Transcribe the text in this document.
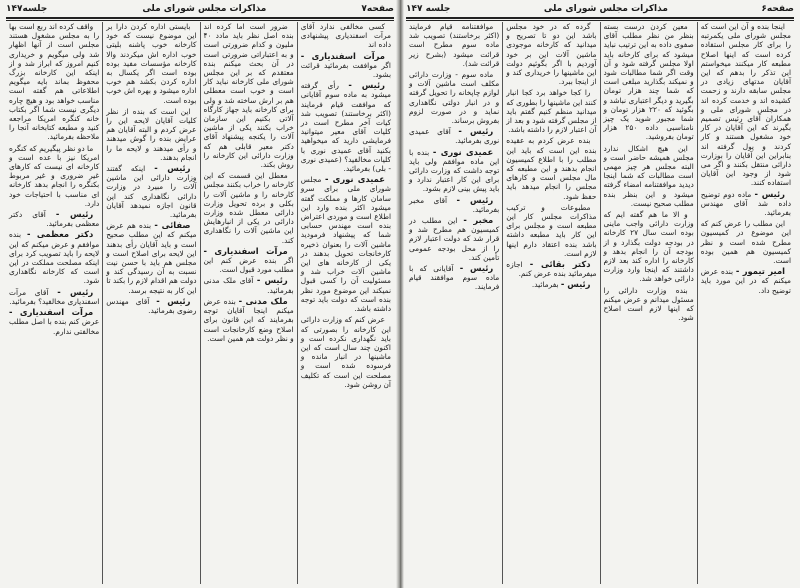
صفحه۷
مذاکرات مجلس شورای ملی
جلسه۱۴۷

کسی مخالفی ندارد آقای مرآت اسفندیاری پیشنهادی داده اند

مرآت اسفندیاری - اگر موافقت بفرمائید قرائت بشود.

رئیس - رأی گرفته میشود به ماده سوم آقایانی که موافقت قیام فرمایند (اکثر برخاستند) تصویب شد کیات آخر مطرح است در کلیات آقای معیر میتوانید فرمایشی دارید که میخواهید بکنید آقای عمیدی نوری با کلیات مخالفید؟ (عمیدی نوری - بلی) بفرمائید.

عمیدی نوری - مجلس شورای ملی برای سرو سامان کارها و مملکت گفته میشود اکثر بنده وارد این اطلاع است و موردی اعتراض بنده است مهندس حسابی شما که پیشنهاد فرمودید ماشین آلات را بعنوان ذخیره کارخانجات تحویل بدهند در یکی از کارخانه های این ماشین آلات خراب شد و مسئولیت آن را کسی قبول نمیکند این موضوع مورد نظر بنده است که دولت باید توجه داشته باشد.

عرض کنم که وزارت دارائی این کارخانه را بصورتی که باید نگهداری نکرده است و اکنون چند سال است که این ماشینها در انبار مانده و فرسوده شده است و مصلحت این است که تکلیف آن روشن شود.

ضرور است اما کرده اند بنده اصل نظر باید مادد ۴۰ ملیون و کدام ضرورتی است و به اعتباراتی ضرورتی است در آن بحث میکنم بنده معتقدم که بر این مجلس شورای ملی کارخانه نباید کار است و خوب است معطلی هم بر ارش ساخته شد و ولی برای کارخانه باید جهاز کارگاه آلاتی بکنیم این سازمان خراب بکنند یکی از ماشین آلات را یکنجه پیشنهاد آقای دکتر معیر قابلی هم که وزارت دارائی این کارخانه را روش بکند.

معطل این قسمت که این کارخانه را خراب بکنند مجلس کارخانه را و ماشین آلات را بکلی و برده تحویل وزارت دارائی معطل شده وزارت دارائی در یکی از انبارهایش این ماشین آلات را نگاهداری کند.

مرآت اسفندیاری - اگر بنده عرض کنم این مطلب مورد قبول است.

رئیس - آقای ملک مدنی بفرمائید.

ملک مدنی - بنده عرض میکنم اینجا آقایان توجه بفرمایند که این قانون برای اصلاح وضع کارخانجات است و نظر دولت هم همین است.

بایستی اداره کردن دارا بر این موضوع نیست که خود کارخانه خوب پاشنه بلیتی خوب اداره اش میکردند والا کارخانه مؤسسات مفید بوده بوده است اگر یکسال به اداره کردن بکشد هم خوب اداره میشود و بهره اش خوب بوده است.

این است که بنده از نظر کلیات آقایان لایحه این را عرض کردم و البته آقایان هم عرایض بنده را گوش میدهند و رأی میدهند و لایحه ما را انجام بدهند.

رئیس - اینکه گفتند وزارت دارائی این ماشین آلات را مبیرد در وزارت دارائی نگاهداری کند این قانون اجازه نمیدهد آقایان بفرمائید.

صفائی - بنده هم عرض میکنم که این مطلب صحیح است و باید آقایان رأی بدهند این لایحه برای اصلاح است و مجلس هم باید با حسن نیت نسبت به آن رسیدگی کند و دولت هم اقدام لازم را بکند تا این کار به نتیجه برسد.

رئیس - آقای مهندس رضوی بفرمائید.

واقف کرده اند ربع است بها را به مجلس مشغول هستند مجلس است از آنها اظهار شد ولی میگویم و خریداری کنیم امروز که ابراز شد و از اینکه این کارخانه بزرگ محفوظ بماند بایه میگویم اطلاعاتی هم گفته است مناسب خواهد بود و هیچ چاره دیگری نیست شما اگر بکتاب خانه کنگره امریکا مراجعه کنید و مطبعه کتابخانه آنجا را ملاحظه بفرمائید.

ما دو نظر پیگیریم که کنگره امریکا نیز با عده است و کارخانه ای نیست که کارهای غیر ضروری و غیر مربوط بکنگره را انجام بدهد کارخانه ای مناسب با احتیاجات خود دارد.

رئیس - آقای دکتر معظمی بفرمائید.

دکتر معظمی - بنده موافقم و عرض میکنم که این لایحه را باید تصویب کرد برای اینکه مصلحت مملکت در این است که کارخانه نگاهداری شود.

رئیس - آقای مرآت اسفندیاری مخالفید؟ بفرمائید.

مرآت اسفندیاری - عرض کنم بنده با اصل مطلب مخالفتی ندارم.

صفحه۶
مذاکرات مجلس شورای ملی
جلسه ۱۴۷

اینجا بنده و آن این است که مجلس شورای ملی یکمرتبه را برای کار مجلس استفاده کرده است که اینها اصلاح مطبعه کار میکنند میخواستم این تذکر را بدهم که این آقایان مدتهای زیادی در مجلس سابقه دارند و زحمت کشیده اند و خدمت کرده اند در مجلس شورای ملی و همکاران آقای رئیس تصمیم بگیرند که این آقایان در کار خود مشغول هستند و کار کردند و پول گرفته اند بنابراین این آقایان را بوزارت دارائی منتقل بکنند و اگر می شود از وجود این آقایان استفاده کنند.

رئیس - ماده دوم توضیح داده شد آقای مهندس بفرمائید.

این مطلب را عرض کنم که این موضوع در کمیسیون مطرح شده است و نظر کمیسیون هم همین بوده است.

امیر تیمور - بنده عرض میکنم که در این مورد باید توضیح داد.

معین کردن درست بسته بنظر من نظر مطلب آقای صفوی داده به این ترتیب نباید میشود که برای کارخانه باید اولا مجلس گرفته شود و آن وقت اگر شما مطالبات شود و نمیکند بگذارید مبلغی است که شما چند هزار تومان بگیرید و دیگر اعتباری نباشد و بگوئید که ۲۲۰ هزار تومان و شما مجبور شوید یک چیز نامناسبی داده ۲۵۰ هزار تومان بفروشید.

این هیچ اشکال ندارد مجلس همیشه حاضر است و البته مجلس هر چیز مهمی است مطالبات که شما اینجا دیدید موافقتنامه امضاء گرفته میشود و این بنظر بنده مطلب صحیح نیست.

و الا ما هم گفته ایم که وزارت دارائی واجب ماینی بوده است سال ۲۷ کارخانه در بودجه دولت بگذارد و از بودجه آن را انجام بدهد و کارخانه را اداره کند بعد لازم داشتند که اینجا وارد وزارت دارائی خواهد شد.

بنده وزارت دارائی را مسئول میدانم و عرض میکنم که اینها لازم است اصلاح شود.

گرده که در خود مجلس باشد این دو تا تصریح و میدانید که کارخانه موجودی ماشین آلات این بر خود آوردیم با اگر بگوئیم دولت این ماشینها را خریداری کند و از اینجا ببرد.

را کجا خواهد برد کجا انبار کنند این ماشینها را بطوری که میدانید منظم کنیم گفتم باید از مجلس گرفته شود و بعد از آن اعتبار لازم را داشته باشد.

بنده عرض کردم به عقیده بنده این است که باید این مطلب را با اطلاع کمیسیون انجام بدهند و این مطبعه که مال مجلس است و کارهای مجلس را انجام میدهد باید حفظ شود.

مطبوعات و ترکیب مذاکرات مجلس کار این مطبعه است و مجلس برای این کار باید مطبعه داشته باشد بنده اعتقاد دارم اینها لازم است.

دکتر بقائی - اجازه میفرمائید بنده عرض کنم.

رئیس - بفرمائید.

موافقتنامه قیام فرمایند (اکثر برخاستند) تصویب شد ماده سوم مطرح است قرائت میشود (بشرح زیر قرائت شد).

ماده سوم - وزارت دارائی مکلف است ماشین آلات و لوازم چاپخانه را تحویل گرفته و در انبار دولتی نگاهداری نماید و در صورت لزوم بفروش برساند.

رئیس - آقای عمیدی نوری بفرمائید.

عمیدی نوری - بنده با این ماده موافقم ولی باید توجه داشت که وزارت دارائی برای این کار اعتبار ندارد و باید پیش بینی لازم بشود.

رئیس - آقای مخبر بفرمائید.

مخبر - این مطلب در کمیسیون هم مطرح شد و قرار شد که دولت اعتبار لازم را از محل بودجه عمومی تأمین کند.

رئیس - آقایانی که با ماده سوم موافقند قیام فرمایند.
